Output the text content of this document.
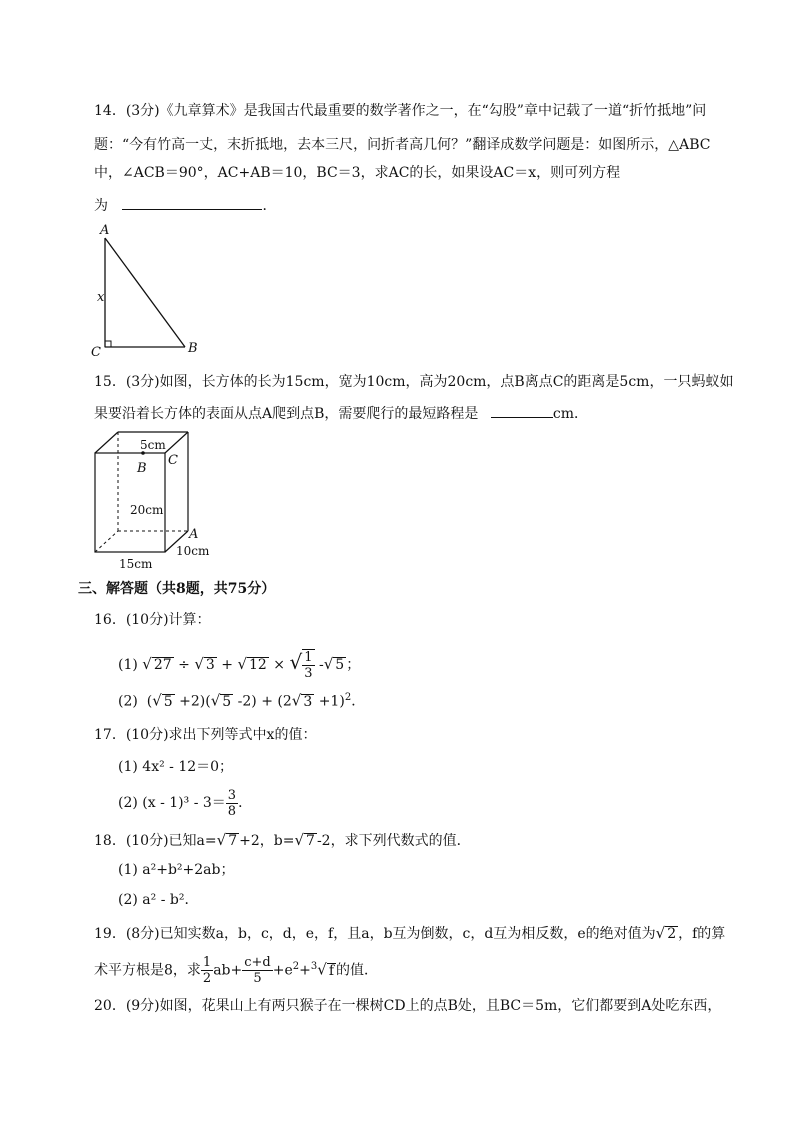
14．(3分)《九章算术》是我国古代最重要的数学著作之一，在“勾股”章中记载了一道“折竹抵地”问
题：“今有竹高一丈，末折抵地，去本三尺，问折者高几何？”翻译成数学问题是：如图所示，△ABC
中，∠ACB＝90°，AC+AB＝10，BC＝3，求AC的长，如果设AC＝x，则可列方程
为	．
A
x
C	B
15．(3分)如图，长方体的长为15cm，宽为10cm，高为20cm，点B离点C的距离是5cm，一只蚂蚁如
果要沿着长方体的表面从点A爬到点B，需要爬行的最短路程是	cm．
5cm
B
C
20cm
A
10cm
15cm
三、解答题（共8题，共75分）
16．(10分)计算：
(1) √ 27 ÷ √ 3 + √ 12 × √ $\frac{1}{3}$ -√ 5 ；
(2)  (√ 5 +2)(√ 5 -2) + (2√ 3 +1)$^2$．
17．(10分)求出下列等式中x的值：
(1) 4x² - 12＝0；
(2) $(x - 1)^3 - 3= \frac{3}{8}$ ．
18．(10分)已知a=√ 7 +2，b=√ 7 -2，求下列代数式的值．
(1) a²+b²+2ab；
(2) a² - b²．
19．(8分)已知实数a，b，c，d，e，f，且a，b互为倒数，c，d互为相反数，e的绝对值为√ 2 ，f的算
术平方根是8，求 $\frac{1}{2} ab+ \frac{c+d}{5} +e^2+^3√$ f 的值．
20．(9分)如图，花果山上有两只猴子在一棵树CD上的点B处，且BC＝5m，它们都要到A处吃东西，
